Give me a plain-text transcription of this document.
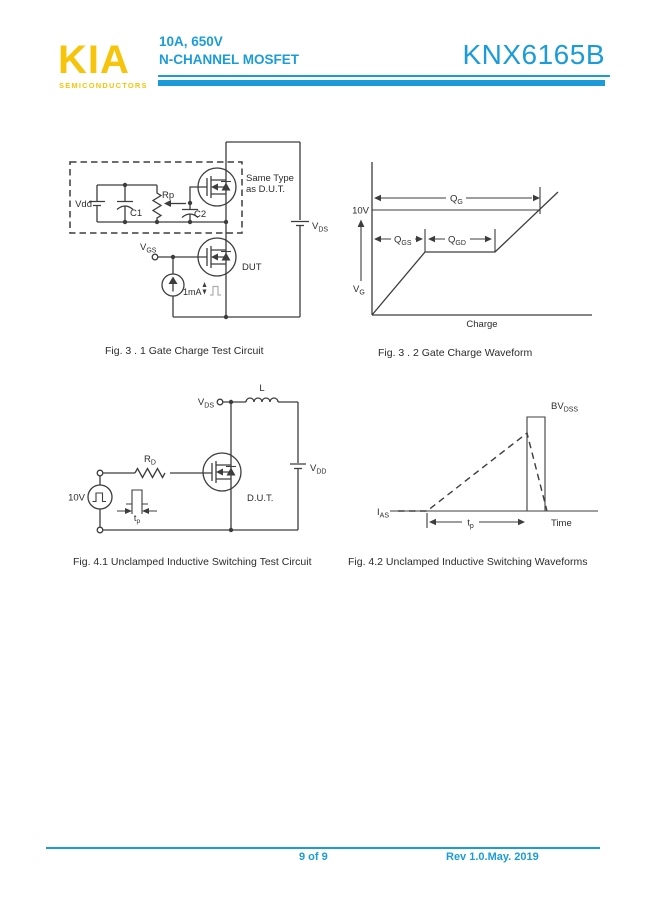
KIA
SEMICONDUCTORS
10A, 650V
N-CHANNEL MOSFET	KNX6165B
Vdd
C1
Rp
C2
Same Type
as D.U.T.
$V_{DS}$
$V_{GS}$
DUT
1mA
Fig. 3 . 1 Gate Charge Test Circuit
$Q_G$
$Q_{GS}$	$Q_{GD}$
10V
$V_G$
Charge
Fig. 3 . 2 Gate Charge Waveform
$V_{DS}$
L
$V_{DD}$
$R_D$
10V
$t_p$
D.U.T.
Fig. 4.1 Unclamped Inductive Switching Test Circuit
$I_{AS}$
$BV_{DSS}$
$t_p$	Time
Fig. 4.2 Unclamped Inductive Switching Waveforms
9 of 9	Rev 1.0.May. 2019
